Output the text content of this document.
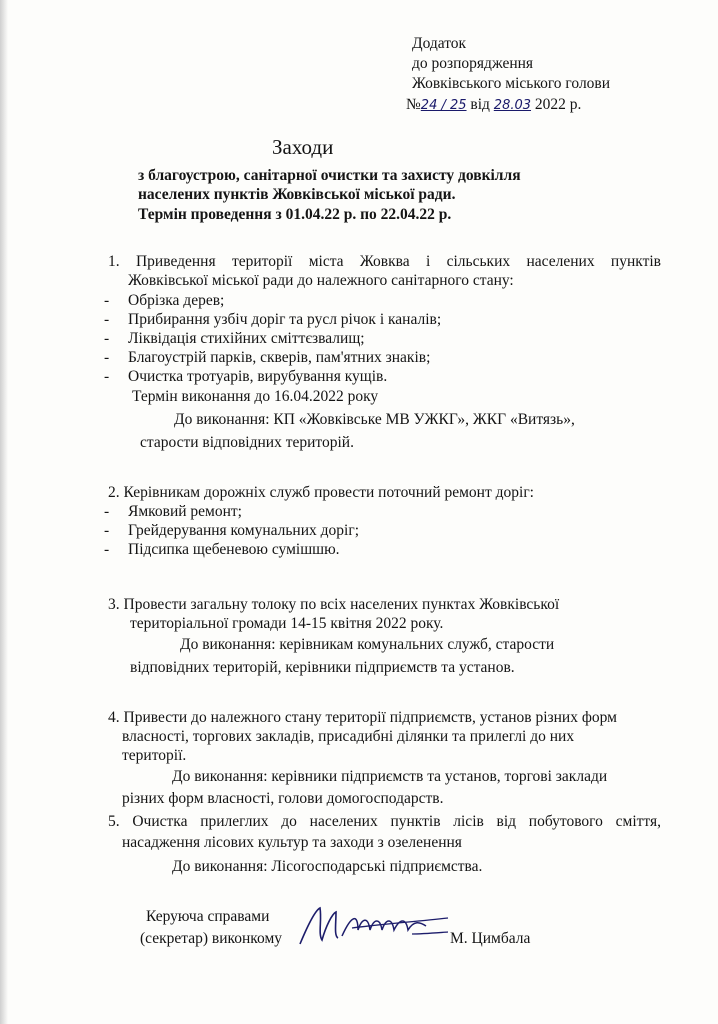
Додаток
до розпорядження
Жовківського міського голови
№24 / 25 від 28.03 2022 р.
Заходи
з благоустрою, санітарної очистки та захисту довкілля
населених пунктів Жовківської міської ради.
Термін проведення з 01.04.22 р. по 22.04.22 р.
1. Приведення території міста Жовква і сільських населених пунктів
Жовківської міської ради до належного санітарного стану:
- Обрізка дерев;
- Прибирання узбіч доріг та русл річок і каналів;
- Ліквідація стихійних сміттєзвалищ;
- Благоустрій парків, скверів, пам'ятних знаків;
- Очистка тротуарів, вирубування кущів.
Термін виконання до 16.04.2022 року
До виконання: КП «Жовківське МВ УЖКГ», ЖКГ «Витязь»,
старости відповідних територій.
2. Керівникам дорожніх служб провести поточний ремонт доріг:
- Ямковий ремонт;
- Грейдерування комунальних доріг;
- Підсипка щебеневою сумішшю.
3. Провести загальну толоку по всіх населених пунктах Жовківської
територіальної громади 14-15 квітня 2022 року.
До виконання: керівникам комунальних служб, старости
відповідних територій, керівники підприємств та установ.
4. Привести до належного стану території підприємств, установ різних форм
власності, торгових закладів, присадибні ділянки та прилеглі до них
території.
До виконання: керівники підприємств та установ, торгові заклади
різних форм власності, голови домогосподарств.
5. Очистка прилеглих до населених пунктів лісів від побутового сміття,
насадження лісових культур та заходи з озеленення
До виконання: Лісогосподарські підприємства.
Керуюча справами
(секретар) виконкому	М. Цимбала
